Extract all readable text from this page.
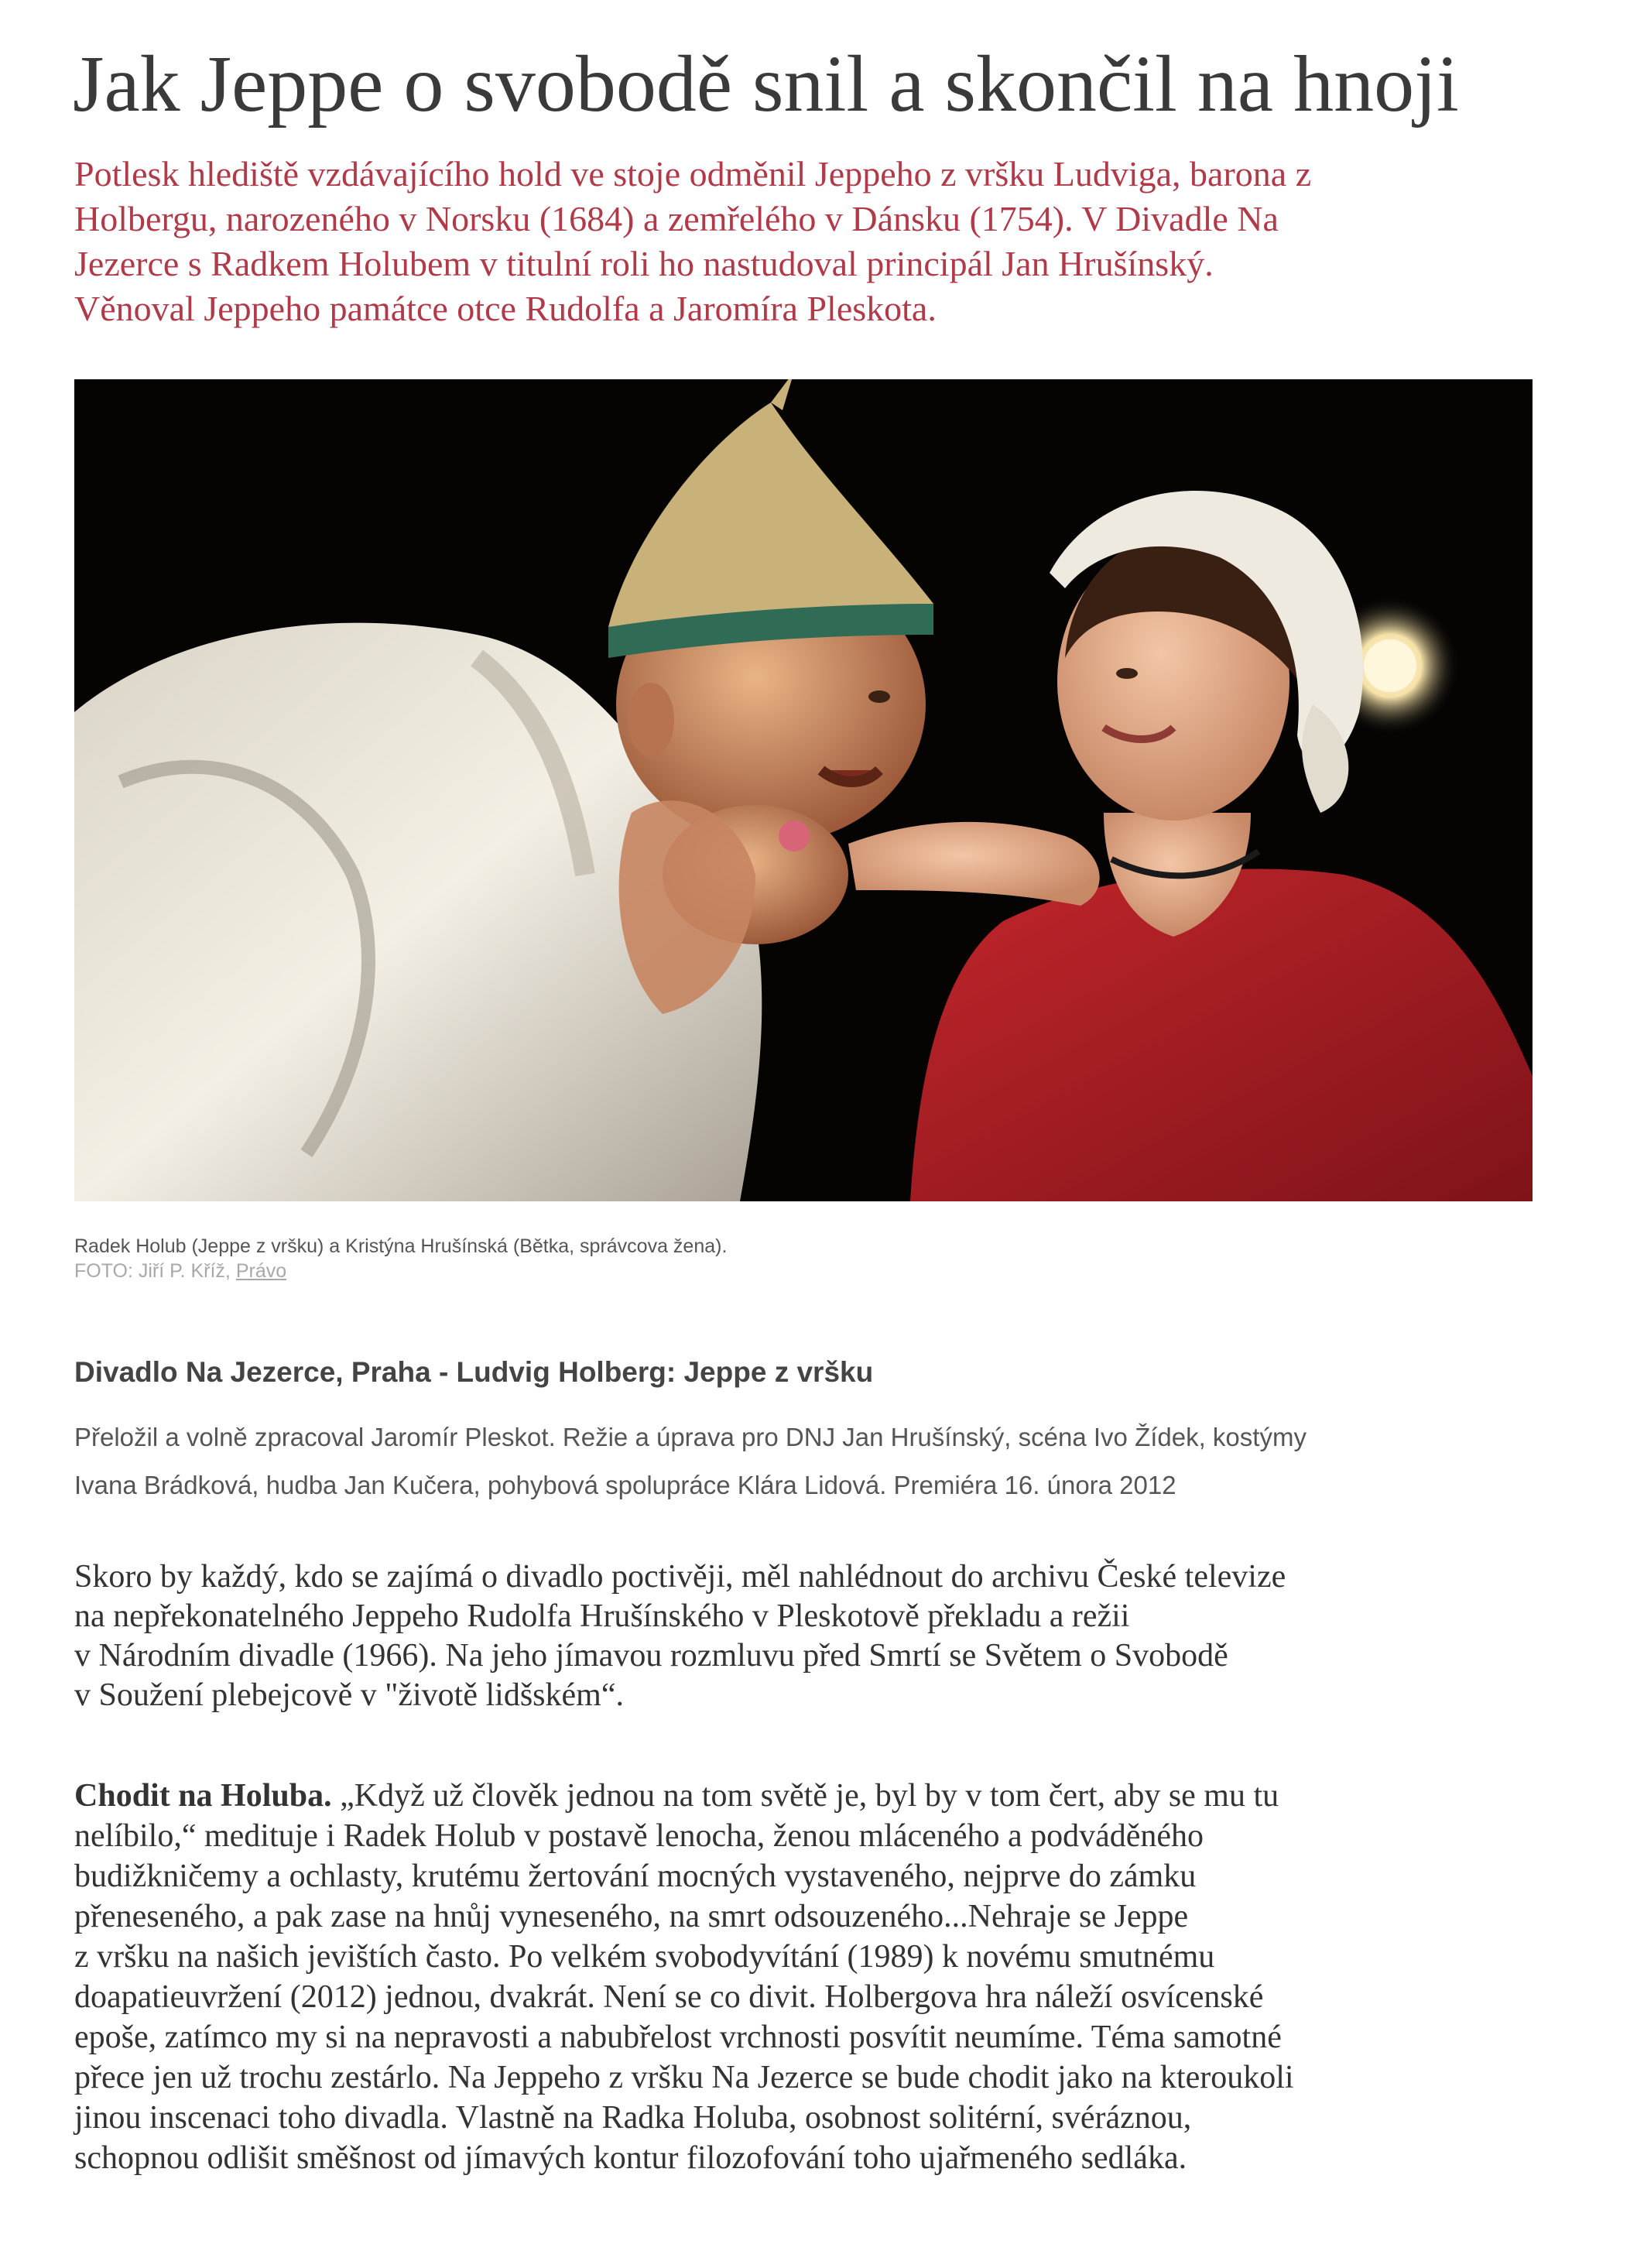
Jak Jeppe o svobodě snil a skončil na hnoji
Potlesk hlediště vzdávajícího hold ve stoje odměnil Jeppeho z vršku Ludviga, barona z
Holbergu, narozeného v Norsku (1684) a zemřelého v Dánsku (1754). V Divadle Na
Jezerce s Radkem Holubem v titulní roli ho nastudoval principál Jan Hrušínský.
Věnoval Jeppeho památce otce Rudolfa a Jaromíra Pleskota.
Radek Holub (Jeppe z vršku) a Kristýna Hrušínská (Bětka, správcova žena).
FOTO: Jiří P. Kříž, Právo
Divadlo Na Jezerce, Praha - Ludvig Holberg: Jeppe z vršku
Přeložil a volně zpracoval Jaromír Pleskot. Režie a úprava pro DNJ Jan Hrušínský, scéna Ivo Žídek, kostýmy
Ivana Brádková, hudba Jan Kučera, pohybová spolupráce Klára Lidová. Premiéra 16. února 2012
Skoro by každý, kdo se zajímá o divadlo poctivěji, měl nahlédnout do archivu České televize
na nepřekonatelného Jeppeho Rudolfa Hrušínského v Pleskotově překladu a režii
v Národním divadle (1966). Na jeho jímavou rozmluvu před Smrtí se Světem o Svobodě
v Soužení plebejcově v "životě lidšském“.
Chodit na Holuba. „Když už člověk jednou na tom světě je, byl by v tom čert, aby se mu tu
nelíbilo,“ medituje i Radek Holub v postavě lenocha, ženou mláceného a podváděného
budižkničemy a ochlasty, krutému žertování mocných vystaveného, nejprve do zámku
přeneseného, a pak zase na hnůj vyneseného, na smrt odsouzeného...Nehraje se Jeppe
z vršku na našich jevištích často. Po velkém svobodyvítání (1989) k novému smutnému
doapatieuvržení (2012) jednou, dvakrát. Není se co divit. Holbergova hra náleží osvícenské
epoše, zatímco my si na nepravosti a nabubřelost vrchnosti posvítit neumíme. Téma samotné
přece jen už trochu zestárlo. Na Jeppeho z vršku Na Jezerce se bude chodit jako na kteroukoli
jinou inscenaci toho divadla. Vlastně na Radka Holuba, osobnost solitérní, svéráznou,
schopnou odlišit směšnost od jímavých kontur filozofování toho ujařmeného sedláka.
